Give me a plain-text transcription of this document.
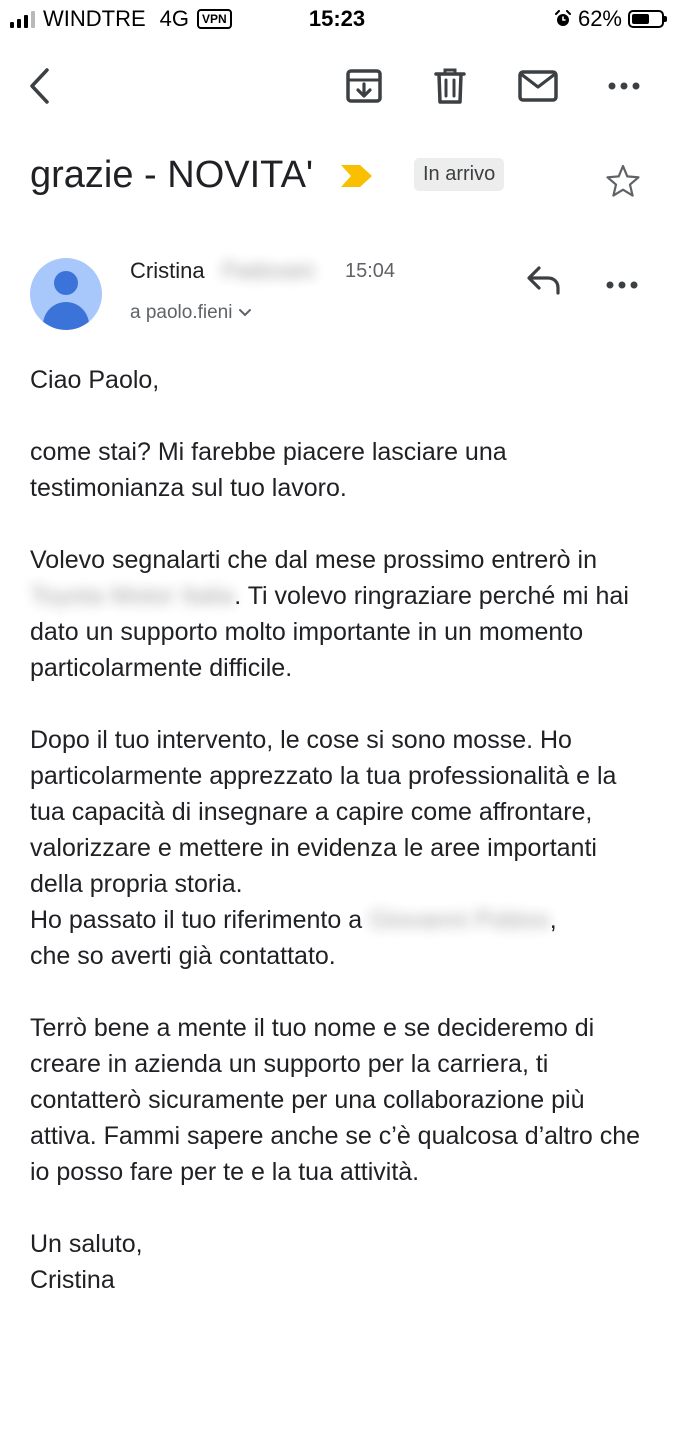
WINDTRE 4G	VPN	15:23	62%
grazie - NOVITA'	In arrivo
Cristina Padovani 15:04
a paolo.fieni

Ciao Paolo,

come stai? Mi farebbe piacere lasciare una testimonianza sul tuo lavoro.

Volevo segnalarti che dal mese prossimo entrerò in Toyota Motor Italia. Ti volevo ringraziare perché mi hai dato un supporto molto importante in un momento particolarmente difficile.

Dopo il tuo intervento, le cose si sono mosse. Ho particolarmente apprezzato la tua professionalità e la tua capacità di insegnare a capire come affrontare, valorizzare e mettere in evidenza le aree importanti della propria storia.

Ho passato il tuo riferimento a Giovanni Pobiss, che so averti già contattato.

Terrò bene a mente il tuo nome e se decideremo di creare in azienda un supporto per la carriera, ti contatterò sicuramente per una collaborazione più attiva. Fammi sapere anche se c’è qualcosa d’altro che io posso fare per te e la tua attività.

Un saluto,

Cristina
